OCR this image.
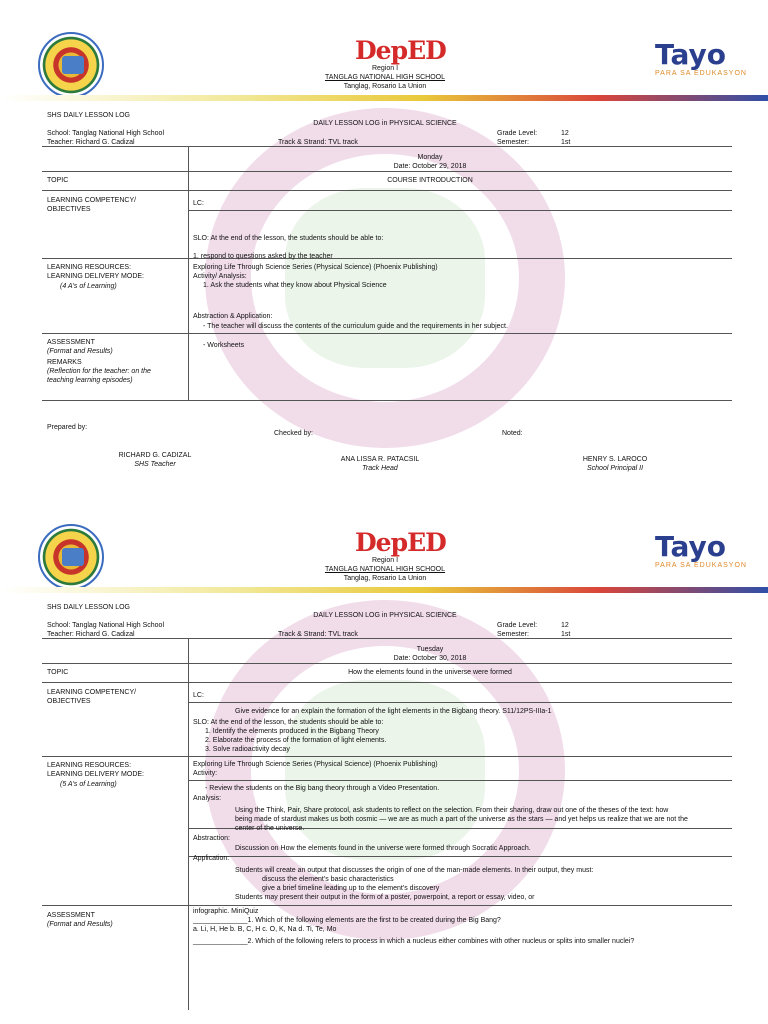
DepED
Region I
TANGLAG NATIONAL HIGH SCHOOL
Tanglag, Rosario La Union
Tayo
PARA SA EDUKASYON
SHS DAILY LESSON LOG
DAILY LESSON LOG in PHYSICAL SCIENCE
School: Tanglag National High School
Teacher: Richard G. Cadizal	Track & Strand: TVL track
Grade Level:	12
Semester:	1st
Monday
Date: October 29, 2018
TOPIC	COURSE INTRODUCTION
LEARNING COMPETENCY/
OBJECTIVES
LC:
SLO: At the end of the lesson, the students should be able to:
1. respond to questions asked by the teacher
LEARNING RESOURCES:
LEARNING DELIVERY MODE:
(4 A's of Learning)
Exploring Life Through Science Series (Physical Science) (Phoenix Publishing)
Activity/ Analysis:
1. Ask the students what they know about Physical Science
Abstraction & Application:
- The teacher will discuss the contents of the curriculum guide and the requirements in her subject.
ASSESSMENT
(Format and Results)
- Worksheets
REMARKS
(Reflection for the teacher: on the
teaching learning episodes)
Prepared by:
Checked by:	Noted:
RICHARD G. CADIZAL
SHS Teacher
ANA LISSA R. PATACSIL
Track Head
HENRY S. LAROCO
School Principal II
DepED
Region I
TANGLAG NATIONAL HIGH SCHOOL
Tanglag, Rosario La Union
Tayo
PARA SA EDUKASYON
SHS DAILY LESSON LOG
DAILY LESSON LOG in PHYSICAL SCIENCE
School: Tanglag National High School
Teacher: Richard G. Cadizal	Track & Strand: TVL track
Grade Level:	12
Semester:	1st
Tuesday
Date: October 30, 2018
TOPIC	How the elements found in the universe were formed
LEARNING COMPETENCY/
OBJECTIVES
LC:
Give evidence for an explain the formation of the light elements in the Bigbang theory. S11/12PS-IIIa-1
SLO: At the end of the lesson, the students should be able to:
1. Identify the elements produced in the Bigbang Theory
2. Elaborate the process of the formation of light elements.
3. Solve radioactivity decay
LEARNING RESOURCES:
LEARNING DELIVERY MODE:
(5 A's of Learning)
Exploring Life Through Science Series (Physical Science) (Phoenix Publishing)
Activity:
- Review the students on the Big bang theory through a Video Presentation.
Analysis:
Using the Think, Pair, Share protocol, ask students to reflect on the selection. From their sharing, draw out one of the theses of the text: how
being made of stardust makes us both cosmic — we are as much a part of the universe as the stars — and yet helps us realize that we are not the
center of the universe.
Abstraction:
Discussion on How the elements found in the universe were formed through Socratic Approach.
Application:
Students will create an output that discusses the origin of one of the man-made elements. In their output, they must:
discuss the element's basic characteristics
give a brief timeline leading up to the element's discovery
Students may present their output in the form of a poster, powerpoint, a report or essay, video, or
ASSESSMENT
(Format and Results)
infographic. MiniQuiz
______________1. Which of the following elements are the first to be created during the Big Bang?
a. Li, H, He b. B, C, H c. O, K, Na d. Ti, Te, Mo
______________2. Which of the following refers to process in which a nucleus either combines with other nucleus or splits into smaller nuclei?
